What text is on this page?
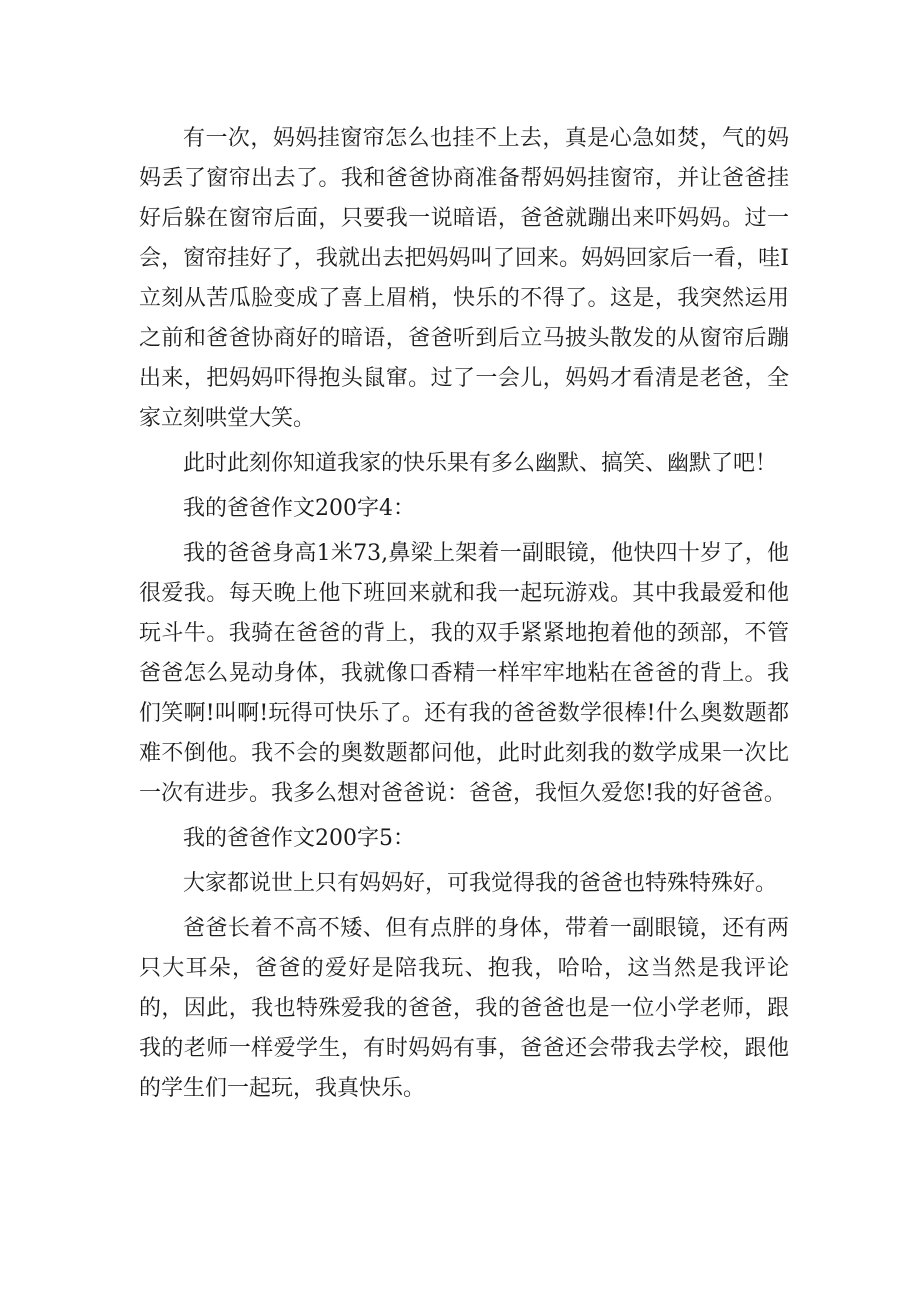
有一次，妈妈挂窗帘怎么也挂不上去，真是心急如焚，气的妈妈丢了窗帘出去了。我和爸爸协商准备帮妈妈挂窗帘，并让爸爸挂好后躲在窗帘后面，只要我一说暗语，爸爸就蹦出来吓妈妈。过一会，窗帘挂好了，我就出去把妈妈叫了回来。妈妈回家后一看，哇I立刻从苦瓜脸变成了喜上眉梢，快乐的不得了。这是，我突然运用之前和爸爸协商好的暗语，爸爸听到后立马披头散发的从窗帘后蹦出来，把妈妈吓得抱头鼠窜。过了一会儿，妈妈才看清是老爸，全家立刻哄堂大笑。

此时此刻你知道我家的快乐果有多么幽默、搞笑、幽默了吧！

我的爸爸作文200字4：

我的爸爸身高1米73,鼻梁上架着一副眼镜，他快四十岁了，他很爱我。每天晚上他下班回来就和我一起玩游戏。其中我最爱和他玩斗牛。我骑在爸爸的背上，我的双手紧紧地抱着他的颈部，不管爸爸怎么晃动身体，我就像口香精一样牢牢地粘在爸爸的背上。我们笑啊!叫啊!玩得可快乐了。还有我的爸爸数学很棒!什么奥数题都难不倒他。我不会的奥数题都问他，此时此刻我的数学成果一次比一次有进步。我多么想对爸爸说：爸爸，我恒久爱您!我的好爸爸。

我的爸爸作文200字5：

大家都说世上只有妈妈好，可我觉得我的爸爸也特殊特殊好。

爸爸长着不高不矮、但有点胖的身体，带着一副眼镜，还有两只大耳朵，爸爸的爱好是陪我玩、抱我，哈哈，这当然是我评论的，因此，我也特殊爱我的爸爸，我的爸爸也是一位小学老师，跟我的老师一样爱学生，有时妈妈有事，爸爸还会带我去学校，跟他的学生们一起玩，我真快乐。
